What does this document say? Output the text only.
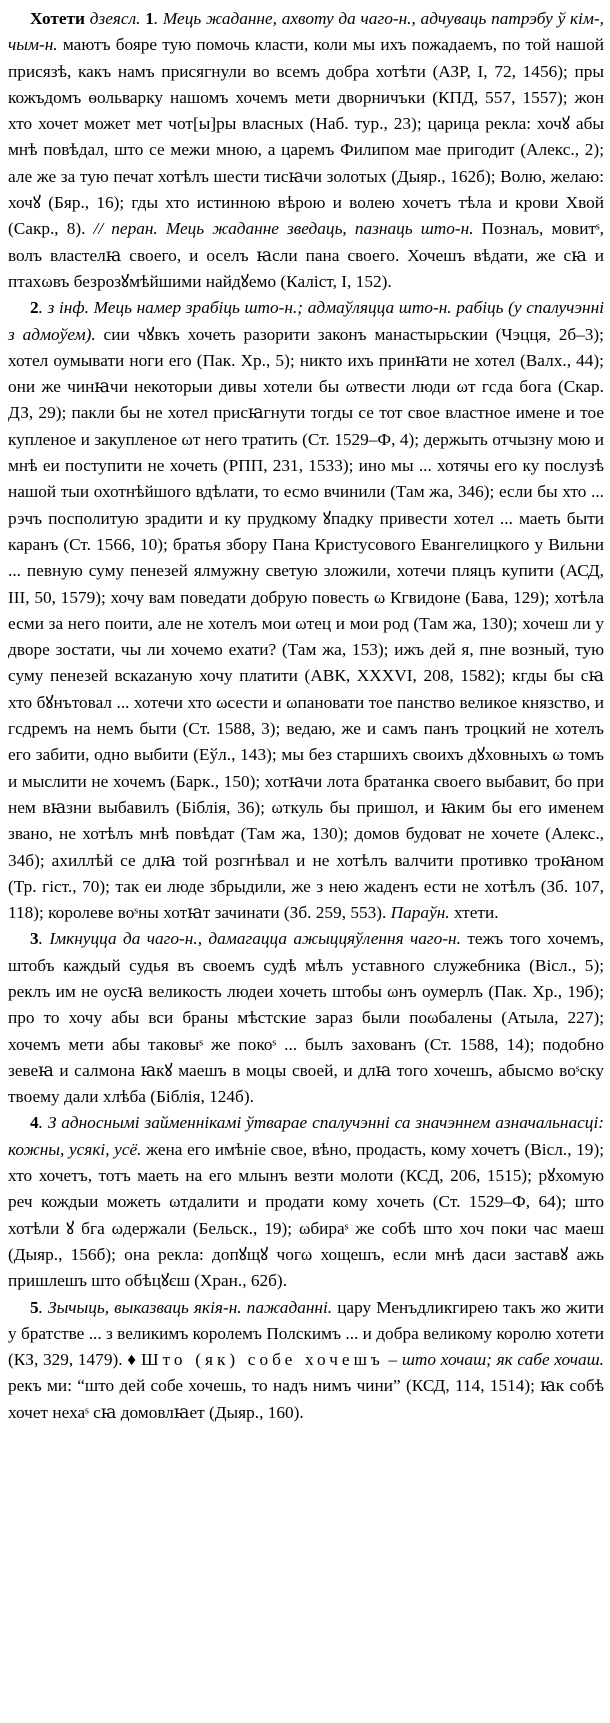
Хотети дзеясл. 1. Мець жаданне, ахвоту да чаго-н., адчуваць патрэбу ў кім-, чым-н. маютъ бояре тую помочь класти, коли мы ихъ пожадаемъ, по той нашой присязѣ, какъ намъ присягнули во всемъ добра хотѣти (АЗР, І, 72, 1456); пры кожъдомъ ѳольварку нашомъ хочемъ мети дворничъки (КПД, 557, 1557); жон хто хочет может мет чот[ы]ры власных (Наб. тур., 23); царица рекла: хочꙋ абы мнѣ повѣдал, што се межи мною, а царемъ Филипом мае пригодит (Алекс., 2); але же за тую печат хотѣлъ шести тисꙗчи золотых (Дыяр., 162б); Волю, желаю: хочꙋ (Бяр., 16); гды хто истинною вѣрою и волею хочетъ тѣла и крови Хвой (Сакр., 8). // перан. Мець жаданне зведаць, пазнаць што-н. Познаљ, мовитˢ, волъ властелꙗ своего, и оселъ ꙗсли пана своего. Хочешъ вѣдати, же сꙗ и птахωвъ безрозꙋмѣйшими найдꙋемо (Каліст, І, 152).

2. з інф. Мець намер зрабіць што-н.; адмаўляцца што-н. рабіць (у спалучэнні з адмоўем). сии чꙋвкъ хочеть разорити законъ манастырьскии (Чэцця, 2б–3); хотел оумывати ноги его (Пак. Хр., 5); никто ихъ принꙗти не хотел (Валх., 44); они же чинꙗчи некоторыи дивы хотели бы ωтвести люди ωт гсда бога (Скар. ДЗ, 29); пакли бы не хотел присꙗгнути тогды се тот свое властное имене и тое купленое и закупленое ωт него тратить (Ст. 1529–Ф, 4); держыть отчызну мою и мнѣ еи поступити не хочеть (РПП, 231, 1533); ино мы ... хотячы его ку послузѣ нашой тыи охотнѣйшого вдѣлати, то есмо вчинили (Там жа, 346); если бы хто ... рэчъ посполитую зрадити и ку прудкому ꙋпадку привести хотел ... маеть быти каранъ (Ст. 1566, 10); братья збору Пана Кристусового Евангелицкого у Вильни ... певную суму пенезей ялмужну светую зложили, хотечи пляцъ купити (АСД, ІІІ, 50, 1579); хочу вам поведати добрую повесть ω Кгвидоне (Бава, 129); хотѣла есми за него поити, але не хотелъ мои ωтец и мои род (Там жа, 130); хочеш ли у дворе зостати, чы ли хочемо ехати? (Там жа, 153); ижъ дей я, пне возный, тую суму пенезей вскazaную хочу платити (АВК, XXXVI, 208, 1582); кгды бы сꙗ хто бꙋнътовал ... хотечи хто ωсести и ωпановати тое панство великое князство, и гсдремъ на немъ быти (Ст. 1588, 3); ведаю, же и самъ панъ троцкий не хотелъ его забити, одно выбити (Еўл., 143); мы без старшихъ своихъ дꙋховныхъ ω томъ и мыслити не хочемъ (Барк., 150); хотꙗчи лота братанка своего выбавит, бо при нем вꙗзни выбавилъ (Біблія, 36); ωткуль бы пришол, и ꙗким бы его именем звано, не хотѣлъ мнѣ повѣдат (Там жа, 130); домов будоват не хочете (Алекс., 34б); ахиллѣй се длꙗ той розгнѣвал и не хотѣлъ валчити противко троꙗном (Тр. гіст., 70); так еи люде збрыдили, же з нею жаденъ ести не хотѣлъ (Зб. 107, 118); королеве воˢны хотꙗт зачинати (Зб. 259, 553). Параўн. хтети.

3. Імкнуцца да чаго-н., дамагацца ажыццяўлення чаго-н. тежъ того хочемъ, штобъ каждый судья въ своемъ судѣ мѣлъ уставного служебника (Вісл., 5); реклъ им не оусꙗ великость людеи хочеть штобы ωнъ оумерлъ (Пак. Хр., 19б); про то хочу абы вси браны мѣстские зараз были поωбалены (Атыла, 227); хочемъ мети абы таковыˢ же покоˢ ... былъ захованъ (Ст. 1588, 14); подобно зевеꙗ и салмона ꙗкꙋ маешъ в моцы своей, и длꙗ того хочешъ, абысмо воˢску твоему дали хлѣба (Біблія, 124б).

4. З адноснымі займеннікамі ўтварае спалучэнні са значэннем азначальнасці: кожны, усякі, усё. жена его имѣніе свое, вѣно, продасть, кому хочетъ (Вісл., 19); хто хочетъ, тотъ маеть на его млынъ везти молоти (КСД, 206, 1515); рꙋхомую реч кождыи можеть ωтдалити и продати кому хочеть (Ст. 1529–Ф, 64); што хотѣли ꙋ бга ωдержали (Бельск., 19); ωбираˢ же собѣ што хоч поки час маеш (Дыяр., 156б); она рекла: допꙋщꙋ чогω хощешъ, если мнѣ даси заставꙋ ажь пришлешъ што обѣцꙋєш (Хран., 62б).

5. Зычыць, выказваць якія-н. пажаданні. цару Менъдликгирею такъ жо жити у братстве ... з великимъ королемъ Полскимъ ... и добра великому королю хотети (КЗ, 329, 1479). ♦ Што (як) собе хочешъ – што хочаш; як сабе хочаш. рекъ ми: “што дей собе хочешь, то надъ нимъ чини” (КСД, 114, 1514); ꙗк собѣ хочет нехаˢ сꙗ домовлꙗет (Дыяр., 160).
